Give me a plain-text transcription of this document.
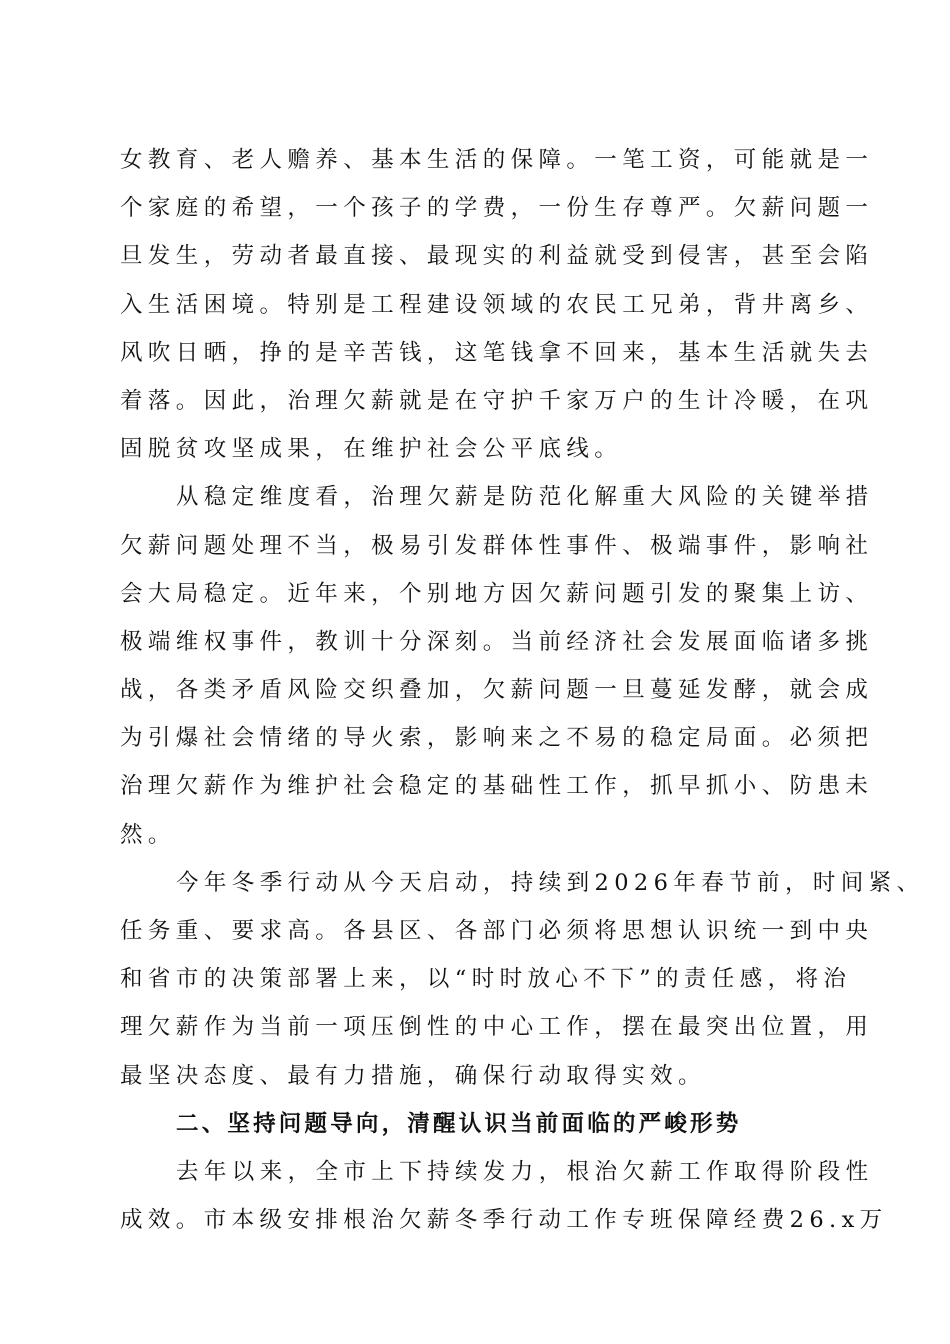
女教育、老人赡养、基本生活的保障。一笔工资，可能就是一
个家庭的希望，一个孩子的学费，一份生存尊严。欠薪问题一
旦发生，劳动者最直接、最现实的利益就受到侵害，甚至会陷
入生活困境。特别是工程建设领域的农民工兄弟，背井离乡、
风吹日晒，挣的是辛苦钱，这笔钱拿不回来，基本生活就失去
着落。因此，治理欠薪就是在守护千家万户的生计冷暖，在巩
固脱贫攻坚成果，在维护社会公平底线。
从稳定维度看，治理欠薪是防范化解重大风险的关键举措
欠薪问题处理不当，极易引发群体性事件、极端事件，影响社
会大局稳定。近年来，个别地方因欠薪问题引发的聚集上访、
极端维权事件，教训十分深刻。当前经济社会发展面临诸多挑
战，各类矛盾风险交织叠加，欠薪问题一旦蔓延发酵，就会成
为引爆社会情绪的导火索，影响来之不易的稳定局面。必须把
治理欠薪作为维护社会稳定的基础性工作，抓早抓小、防患未
然。
今年冬季行动从今天启动，持续到2026年春节前，时间紧、
任务重、要求高。各县区、各部门必须将思想认识统一到中央
和省市的决策部署上来，以“时时放心不下”的责任感，将治
理欠薪作为当前一项压倒性的中心工作，摆在最突出位置，用
最坚决态度、最有力措施，确保行动取得实效。
二、坚持问题导向，清醒认识当前面临的严峻形势
去年以来，全市上下持续发力，根治欠薪工作取得阶段性
成效。市本级安排根治欠薪冬季行动工作专班保障经费26.x万
